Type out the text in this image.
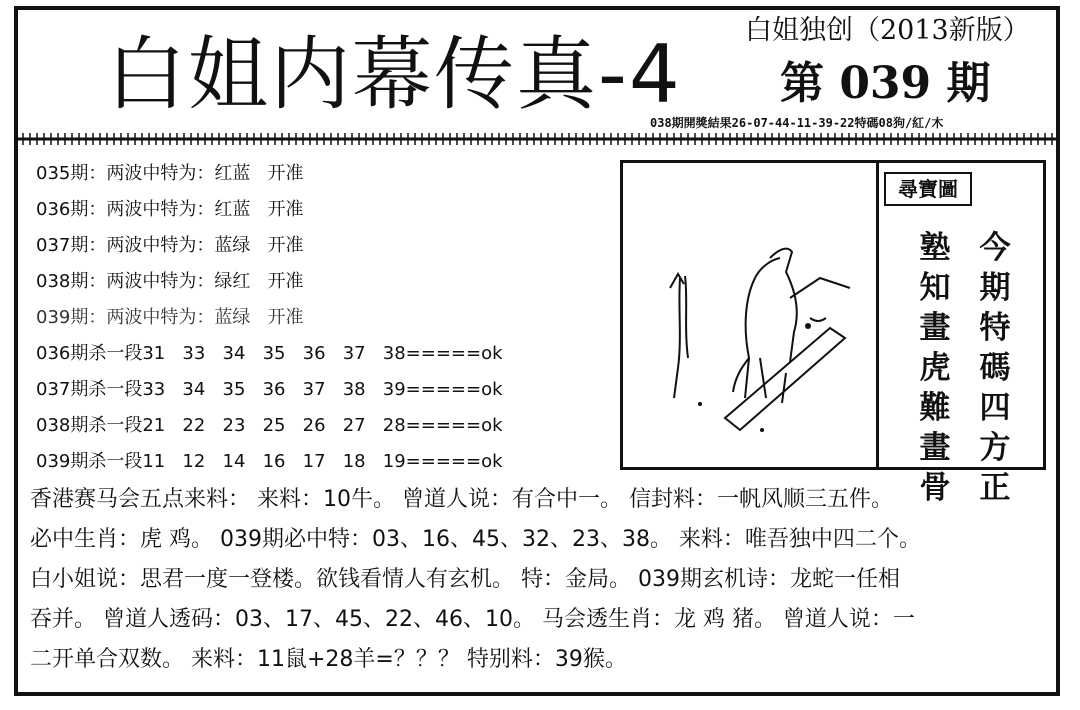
白姐内幕传真-4 白姐独创（2013新版）
第 039 期
038期開獎結果26-07-44-11-39-22特碼08狗/紅/木
035期：两波中特为：红蓝   开准
036期：两波中特为：红蓝   开准
037期：两波中特为：蓝绿   开准
038期：两波中特为：绿红   开准
039期：两波中特为：蓝绿   开准
036期杀一段31   33   34   35   36   37   38=====ok
037期杀一段33   34   35   36   37   38   39=====ok
038期杀一段21   22   23   25   26   27   28=====ok
039期杀一段11   12   14   16   17   18   19=====ok
尋寶圖
今
期
特
碼
四
方
正
塾
知
畫
虎
難
畫
骨
香港赛马会五点来料： 来料：10牛。 曾道人说：有合中一。 信封料：一帆风顺三五件。
必中生肖：虎 鸡。 039期必中特：03、16、45、32、23、38。 来料：唯吾独中四二个。
白小姐说：思君一度一登楼。欲钱看情人有玄机。 特：金局。 039期玄机诗：龙蛇一任相
吞并。 曾道人透码：03、17、45、22、46、10。 马会透生肖：龙 鸡 猪。 曾道人说：一
二开单合双数。 来料：11鼠+28羊=？？？ 特别料：39猴。
